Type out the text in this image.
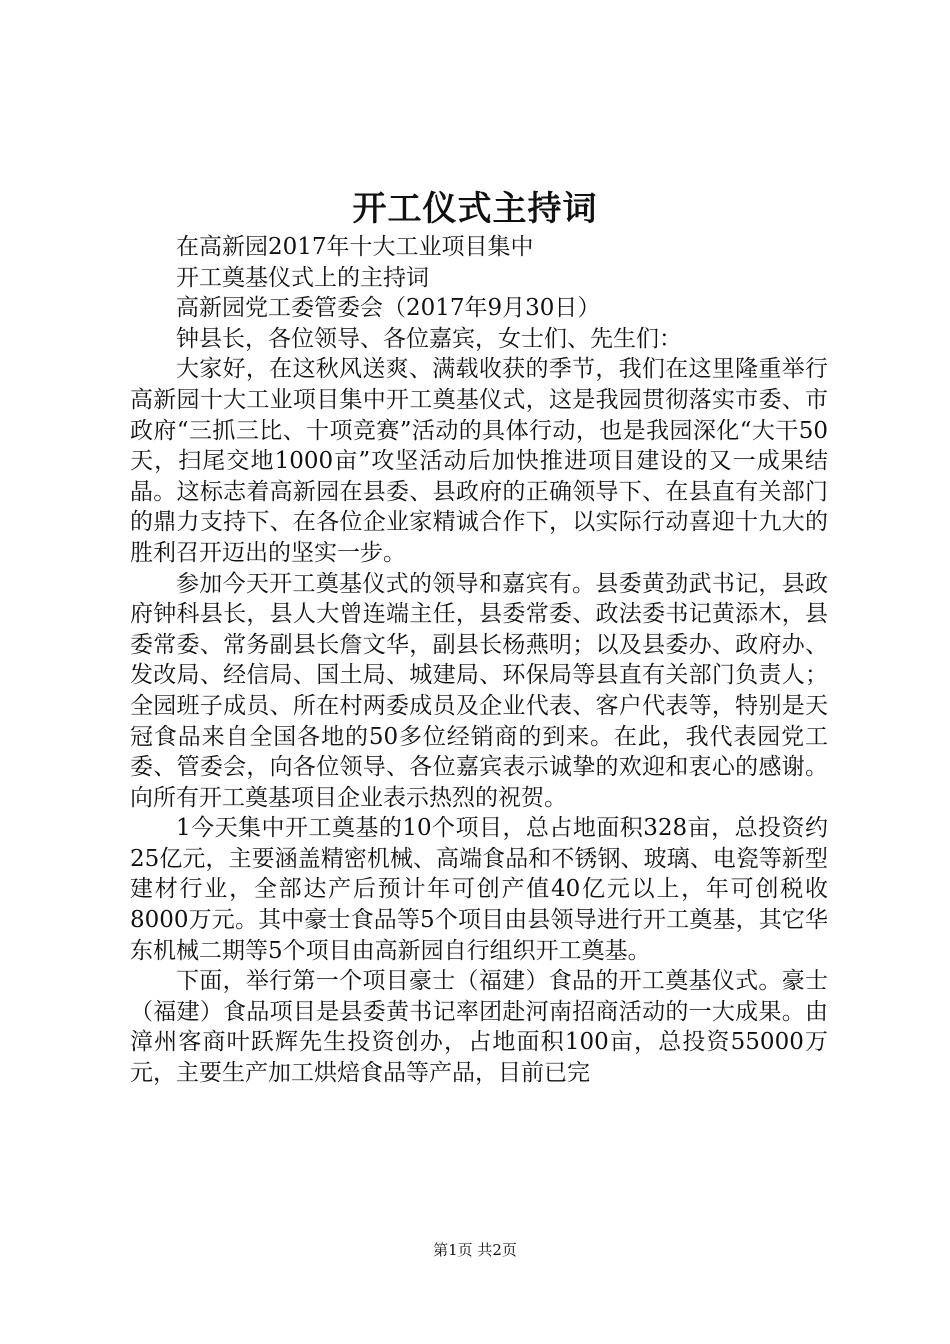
开工仪式主持词

在高新园2017年十大工业项目集中

开工奠基仪式上的主持词

高新园党工委管委会（2017年9月30日）

钟县长，各位领导、各位嘉宾，女士们、先生们：

大家好，在这秋风送爽、满载收获的季节，我们在这里隆重举行高新园十大工业项目集中开工奠基仪式，这是我园贯彻落实市委、市政府“三抓三比、十项竞赛”活动的具体行动，也是我园深化“大干50天，扫尾交地1000亩”攻坚活动后加快推进项目建设的又一成果结晶。这标志着高新园在县委、县政府的正确领导下、在县直有关部门的鼎力支持下、在各位企业家精诚合作下，以实际行动喜迎十九大的胜利召开迈出的坚实一步。

参加今天开工奠基仪式的领导和嘉宾有。县委黄劲武书记，县政府钟科县长，县人大曾连端主任，县委常委、政法委书记黄添木，县委常委、常务副县长詹文华，副县长杨燕明；以及县委办、政府办、发改局、经信局、国土局、城建局、环保局等县直有关部门负责人；全园班子成员、所在村两委成员及企业代表、客户代表等，特别是天冠食品来自全国各地的50多位经销商的到来。在此，我代表园党工委、管委会，向各位领导、各位嘉宾表示诚挚的欢迎和衷心的感谢。向所有开工奠基项目企业表示热烈的祝贺。

1今天集中开工奠基的10个项目，总占地面积328亩，总投资约25亿元，主要涵盖精密机械、高端食品和不锈钢、玻璃、电瓷等新型建材行业，全部达产后预计年可创产值40亿元以上，年可创税收8000万元。其中豪士食品等5个项目由县领导进行开工奠基，其它华东机械二期等5个项目由高新园自行组织开工奠基。

下面，举行第一个项目豪士（福建）食品的开工奠基仪式。豪士（福建）食品项目是县委黄书记率团赴河南招商活动的一大成果。由漳州客商叶跃辉先生投资创办，占地面积100亩，总投资55000万元，主要生产加工烘焙食品等产品，目前已完

第1页 共2页
